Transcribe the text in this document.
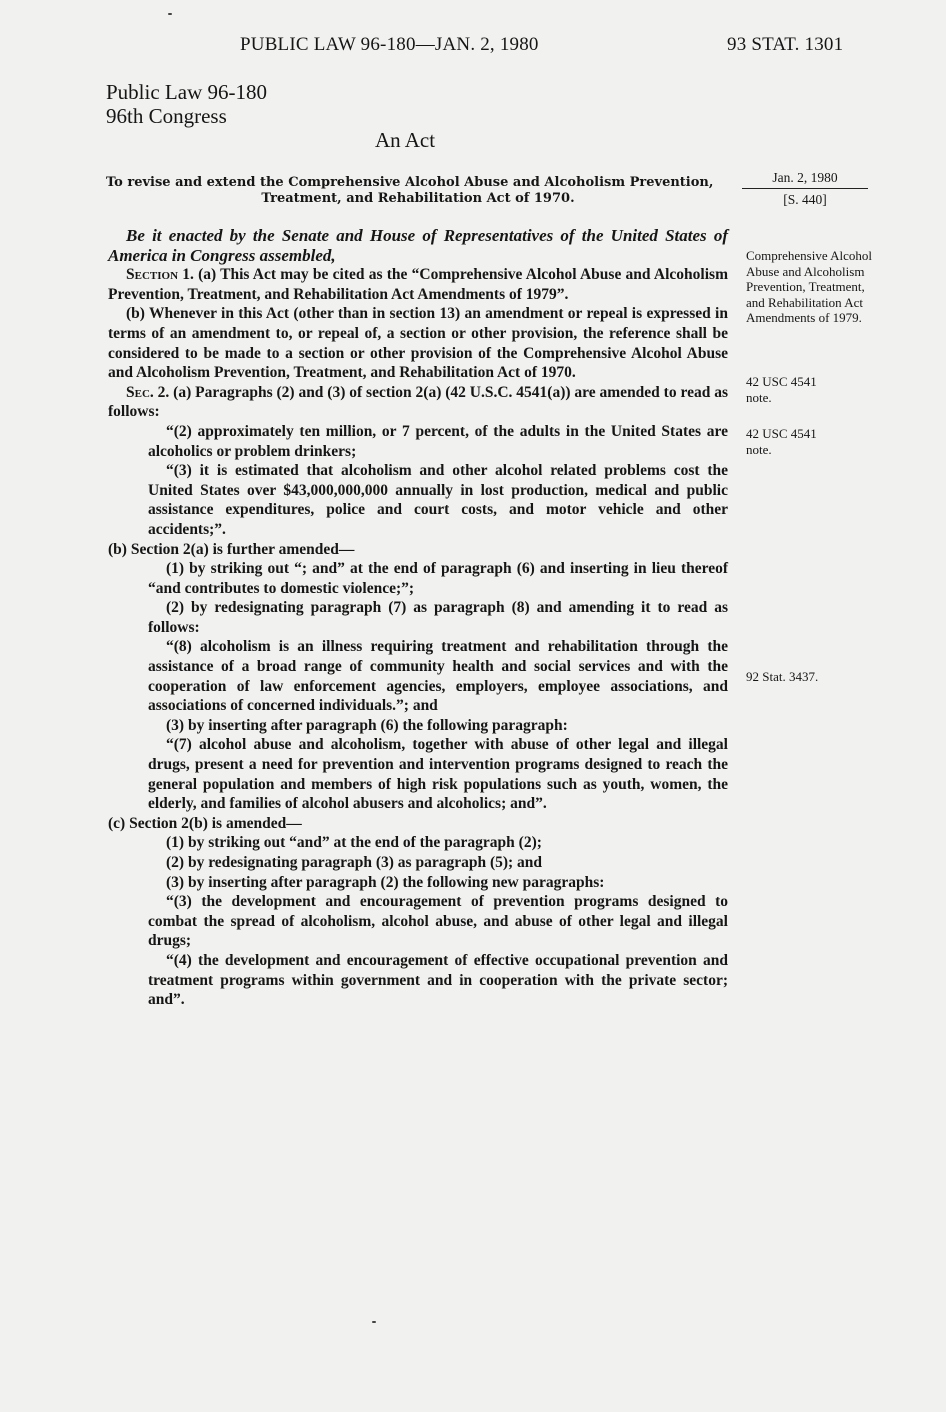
PUBLIC LAW 96-180—JAN. 2, 1980	93 STAT. 1301
Public Law 96-180
96th Congress
An Act
To revise and extend the Comprehensive Alcohol Abuse and Alcoholism Prevention,
Treatment, and Rehabilitation Act of 1970.
Jan. 2, 1980
[S. 440]

Be it enacted by the Senate and House of Representatives of the United States of America in Congress assembled,

Section 1. (a) This Act may be cited as the “Comprehensive Alcohol Abuse and Alcoholism Prevention, Treatment, and Rehabilitation Act Amendments of 1979”.

(b) Whenever in this Act (other than in section 13) an amendment or repeal is expressed in terms of an amendment to, or repeal of, a section or other provision, the reference shall be considered to be made to a section or other provision of the Comprehensive Alcohol Abuse and Alcoholism Prevention, Treatment, and Rehabilitation Act of 1970.

Sec. 2. (a) Paragraphs (2) and (3) of section 2(a) (42 U.S.C. 4541(a)) are amended to read as follows:

“(2) approximately ten million, or 7 percent, of the adults in the United States are alcoholics or problem drinkers;

“(3) it is estimated that alcoholism and other alcohol related problems cost the United States over $43,000,000,000 annually in lost production, medical and public assistance expenditures, police and court costs, and motor vehicle and other accidents;”.

(b) Section 2(a) is further amended—

(1) by striking out “; and” at the end of paragraph (6) and inserting in lieu thereof “and contributes to domestic violence;”;

(2) by redesignating paragraph (7) as paragraph (8) and amending it to read as follows:

“(8) alcoholism is an illness requiring treatment and rehabilitation through the assistance of a broad range of community health and social services and with the cooperation of law enforcement agencies, employers, employee associations, and associations of concerned individuals.”; and

(3) by inserting after paragraph (6) the following paragraph:

“(7) alcohol abuse and alcoholism, together with abuse of other legal and illegal drugs, present a need for prevention and intervention programs designed to reach the general population and members of high risk populations such as youth, women, the elderly, and families of alcohol abusers and alcoholics; and”.

(c) Section 2(b) is amended—

(1) by striking out “and” at the end of the paragraph (2);

(2) by redesignating paragraph (3) as paragraph (5); and

(3) by inserting after paragraph (2) the following new paragraphs:

“(3) the development and encouragement of prevention programs designed to combat the spread of alcoholism, alcohol abuse, and abuse of other legal and illegal drugs;

“(4) the development and encouragement of effective occupational prevention and treatment programs within government and in cooperation with the private sector; and”.

Comprehensive Alcohol Abuse and Alcoholism Prevention, Treatment, and Rehabilitation Act Amendments of 1979.
42 USC 4541
note.
42 USC 4541
note.
92 Stat. 3437.
